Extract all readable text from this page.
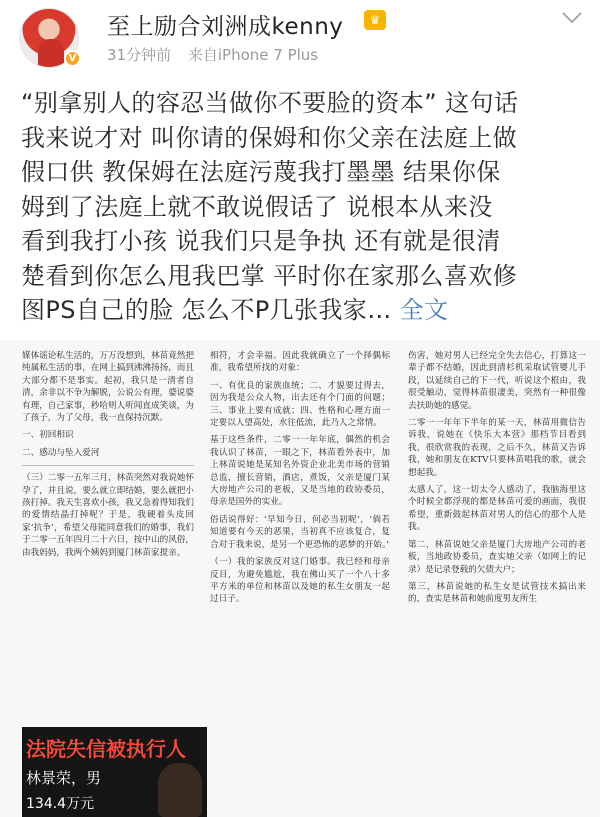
V
至上励合刘洲成kenny	♛
31分钟前 来自iPhone 7 Plus
“别拿别人的容忍当做你不要脸的资本” 这句话
我来说才对 叫你请的保姆和你父亲在法庭上做
假口供 教保姆在法庭污蔑我打墨墨 结果你保
姆到了法庭上就不敢说假话了 说根本从来没
看到我打小孩 说我们只是争执 还有就是很清
楚看到你怎么甩我巴掌 平时你在家那么喜欢修
图PS自己的脸 怎么不P几张我家… 全文

媒体谣论私生活的，万万没想到，林苗竟然把纯属私生活的事，在网上搞到沸沸扬扬，而且大部分都不是事实。起初，我只是一清者自清，余非以不争为解脱，公说公有理，婆说婆有理，自己家事，秒哈则人听闻直成笑谈，为了孩子，为了父母，我一直保持沉默。

一、初回相识

二、感动与坠入爱河

（三）二零一五年三月，林苗突然对我说她怀孕了，并且说，要么就立即结婚，要么就把小孩打掉。我天生喜欢小孩，我又急着得知我们的爱情结晶打掉呢？于是，我硬着头皮回家‘抗争’，希望父母能同意我们的婚事，我们于二零一五年四月二十六日，按中山的风俗，由我妈妈，我两个姨妈到厦门林苗家提亲。

相符，才会幸福。因此我就确立了一个择偶标准，我希望所找的对象：

一、有优良的家族血统；二、才貌要过得去，因为我是公众人物，出去还有个门面的问题；三、事业上要有成就；四、性格和心理方面一定要以人望高处，水往低流，此乃人之常情。

基于这些条件，二零一一年年底，偶然的机会我认识了林苗，一眼之下，林苗看外表中，加上林苗说她是某知名外资企业北美市场的营销总监，擅长营销，酒店，煮饭，父亲是厦门某大房地产公司的老板，又是当地的政协委员，母亲是国外的实业。

俗话说得好：‘早知今日，何必当初呢’，‘倘若知道要有今天的恶果，当初真不应该复合，复合对于我来说，是另一个更恐怖的恶梦的开始。’

（一）我的家族反对这门婚事。我已经和母亲反目，为避免尴尬，我在佛山买了一个八十多平方米的单位和林苗以及她的私生女朋友一起过日子。

伤害，她对男人已经完全失去信心，打算这一辈子都不结婚，因此到清杉机采取试管婴儿手段，以延续自己的下一代，听说这个根由，我很受触动，觉得林苗很凄美，突然有一种很像去扶助她的感觉。

二零一一年年下半年的某一天，林苗用微信告诉我，说她在《快乐大本营》那档节目看到我，很欣赏我的表现，之后不久，林苗又告诉我，她和朋友在KTV只要林苗唱我的歌，就会想起我。

太感人了，这一切太令人感动了，我脑海里这个时候全都浮现的都是林苗可爱的画面，我很希望，重新鼓起林苗对男人的信心的那个人是我。

第二，林苗说她父亲是厦门大房地产公司的老板，当地政协委员，查实她父亲（如网上的记录）是记录登载的欠债大户；

第三，林苗说她的私生女是试管技术搞出来的，查实是林苗和她前度男友所生

法院失信被执行人
林景荣，男
134.4万元
